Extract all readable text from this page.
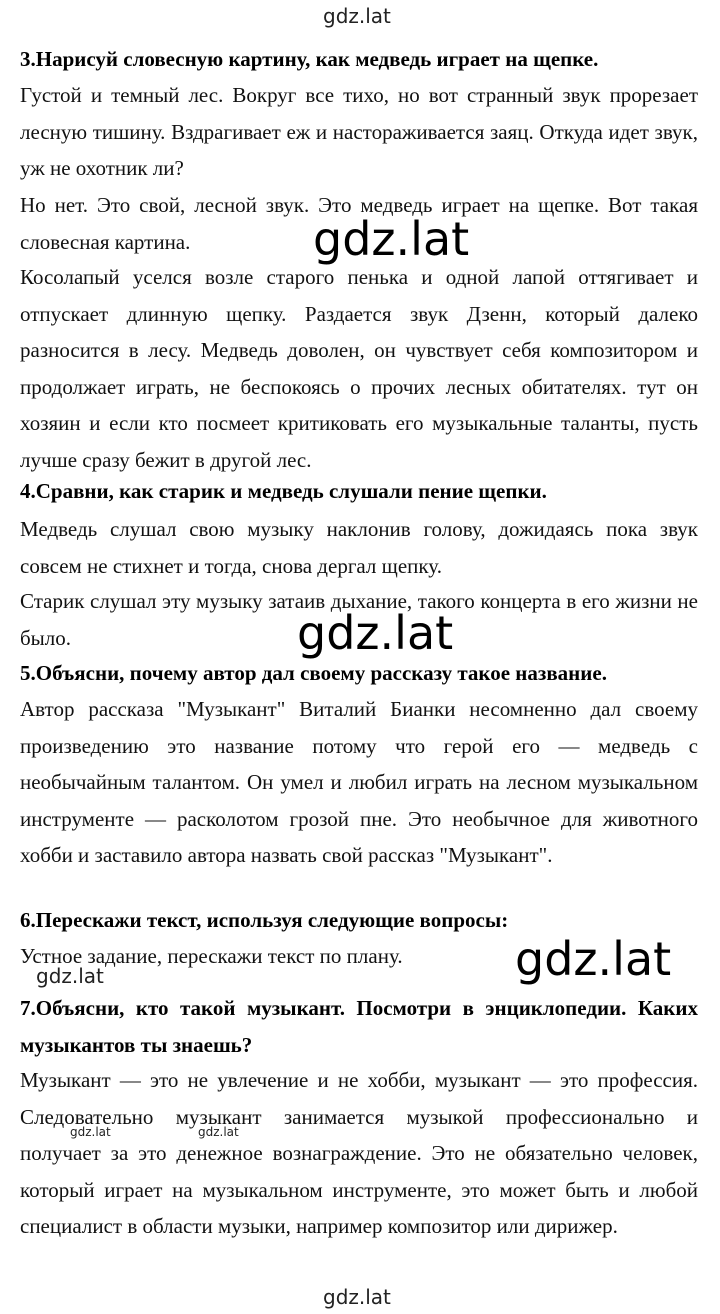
3.Нарисуй словесную картину, как медведь играет на щепке.

Густой и темный лес. Вокруг все тихо, но вот странный звук прорезает лесную тишину. Вздрагивает еж и настораживается заяц. Откуда идет звук, уж не охотник ли?

Но нет. Это свой, лесной звук. Это медведь играет на щепке. Вот такая словесная картина.

Косолапый уселся возле старого пенька и одной лапой оттягивает и отпускает длинную щепку. Раздается звук Дзенн, который далеко разносится в лесу. Медведь доволен, он чувствует себя композитором и продолжает играть, не беспокоясь о прочих лесных обитателях. тут он хозяин и если кто посмеет критиковать его музыкальные таланты, пусть лучше сразу бежит в другой лес.

4.Сравни, как старик и медведь слушали пение щепки.

Медведь слушал свою музыку наклонив голову, дожидаясь пока звук совсем не стихнет и тогда, снова дергал щепку.

Старик слушал эту музыку затаив дыхание, такого концерта в его жизни не было.

5.Объясни, почему автор дал своему рассказу такое название.

Автор рассказа "Музыкант" Виталий Бианки несомненно дал своему произведению это название потому что герой его — медведь с необычайным талантом. Он умел и любил играть на лесном музыкальном инструменте — расколотом грозой пне. Это необычное для животного хобби и заставило автора назвать свой рассказ "Музыкант".

6.Перескажи текст, используя следующие вопросы:

Устное задание, перескажи текст по плану.

7.Объясни, кто такой музыкант. Посмотри в энциклопедии. Каких музыкантов ты знаешь?

Музыкант — это не увлечение и не хобби, музыкант — это профессия. Следовательно музыкант занимается музыкой профессионально и получает за это денежное вознаграждение. Это не обязательно человек, который играет на музыкальном инструменте, это может быть и любой специалист в области музыки, например композитор или дирижер.

gdz.lat
gdz.lat
gdz.lat
gdz.lat
gdz.lat
gdz.lat	gdz.lat
gdz.lat
